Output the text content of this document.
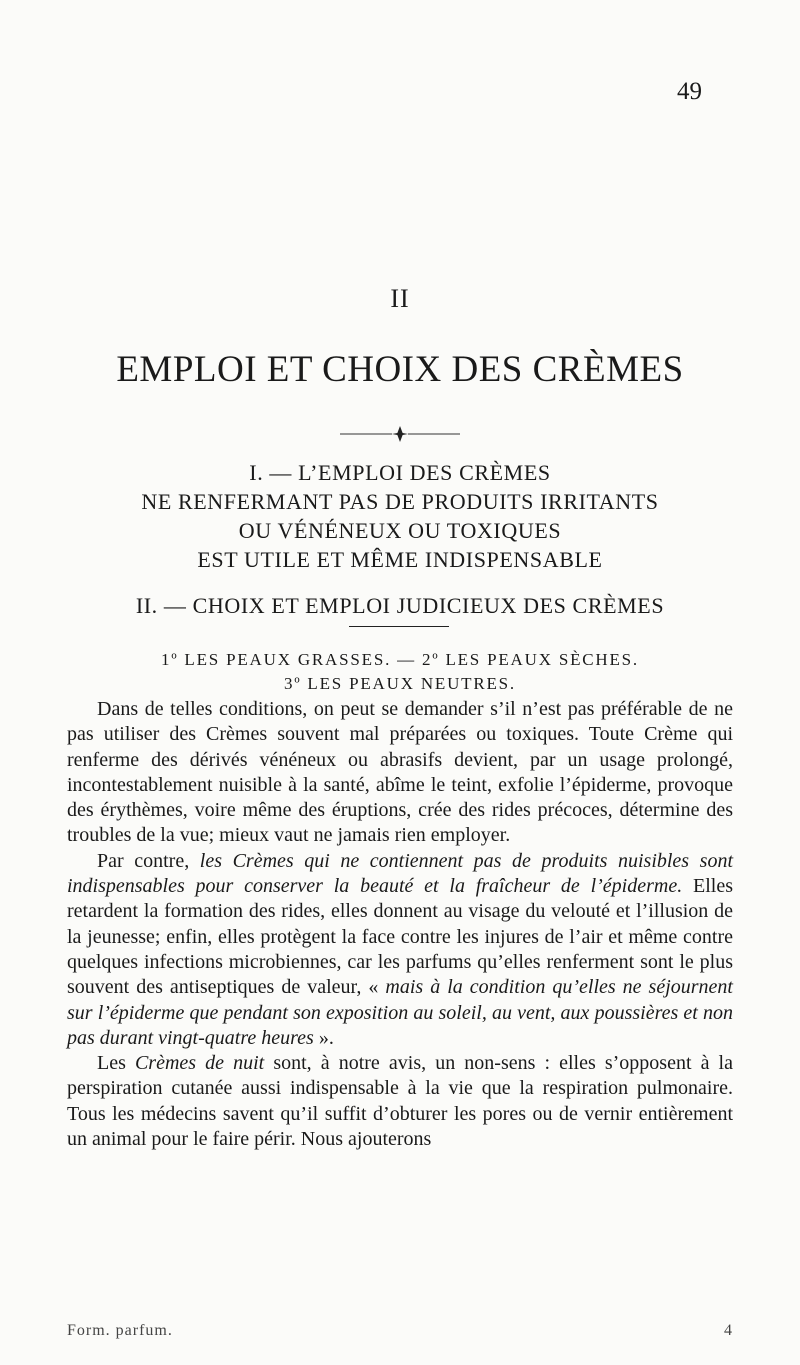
49
II
EMPLOI ET CHOIX DES CRÈMES

I. — L’EMPLOI DES CRÈMES

NE RENFERMANT PAS DE PRODUITS IRRITANTS

OU VÉNÉNEUX OU TOXIQUES

EST UTILE ET MÊME INDISPENSABLE

II. — CHOIX ET EMPLOI JUDICIEUX DES CRÈMES

1º LES PEAUX GRASSES. — 2º LES PEAUX SÈCHES.

3º LES PEAUX NEUTRES.

Dans de telles conditions, on peut se demander s’il n’est pas préférable de ne pas utiliser des Crèmes souvent mal préparées ou toxiques. Toute Crème qui renferme des dérivés vénéneux ou abrasifs devient, par un usage prolongé, incontestablement nuisible à la santé, abîme le teint, exfolie l’épiderme, provoque des érythèmes, voire même des éruptions, crée des rides précoces, détermine des troubles de la vue; mieux vaut ne jamais rien employer.

Par contre, les Crèmes qui ne contiennent pas de produits nuisibles sont indispensables pour conserver la beauté et la fraîcheur de l’épiderme. Elles retardent la formation des rides, elles donnent au visage du velouté et l’illusion de la jeunesse; enfin, elles protègent la face contre les injures de l’air et même contre quelques infections microbiennes, car les parfums qu’elles renferment sont le plus souvent des antiseptiques de valeur, « mais à la condition qu’elles ne séjournent sur l’épiderme que pendant son exposition au soleil, au vent, aux poussières et non pas durant vingt-quatre heures ».

Les Crèmes de nuit sont, à notre avis, un non-sens : elles s’opposent à la perspiration cutanée aussi indispensable à la vie que la respiration pulmonaire. Tous les médecins savent qu’il suffit d’obturer les pores ou de vernir entièrement un animal pour le faire périr. Nous ajouterons

Form. parfum.	4
